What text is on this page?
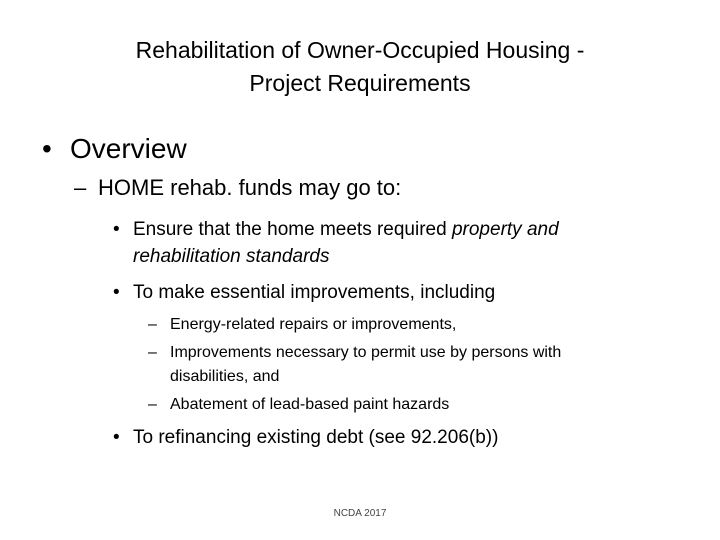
Rehabilitation of Owner-Occupied Housing -
Project Requirements
• Overview
– HOME rehab. funds may go to:
• Ensure that the home meets required property and
rehabilitation standards
• To make essential improvements, including
– Energy-related repairs or improvements,
– Improvements necessary to permit use by persons with
disabilities, and
– Abatement of lead-based paint hazards
• To refinancing existing debt (see 92.206(b))
NCDA 2017
